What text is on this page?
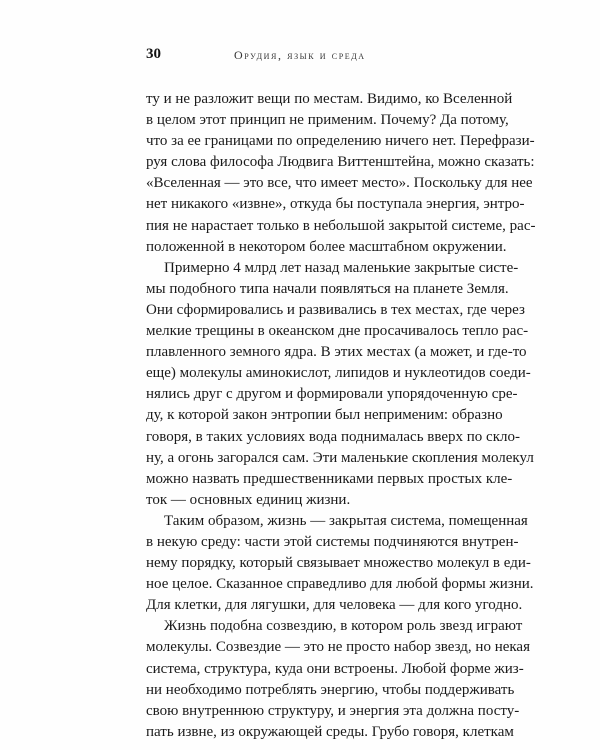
30	Орудия, язык и среда
ту и не разложит вещи по местам. Видимо, ко Вселенной
в целом этот принцип не применим. Почему? Да потому,
что за ее границами по определению ничего нет. Перефрази-
руя слова философа Людвига Виттенштейна, можно сказать:
«Вселенная — это все, что имеет место». Поскольку для нее
нет никакого «извне», откуда бы поступала энергия, энтро-
пия не нарастает только в небольшой закрытой системе, рас-
положенной в некотором более масштабном окружении.
Примерно 4 млрд лет назад маленькие закрытые систе-
мы подобного типа начали появляться на планете Земля.
Они сформировались и развивались в тех местах, где через
мелкие трещины в океанском дне просачивалось тепло рас-
плавленного земного ядра. В этих местах (а может, и где-то
еще) молекулы аминокислот, липидов и нуклеотидов соеди-
нялись друг с другом и формировали упорядоченную сре-
ду, к которой закон энтропии был неприменим: образно
говоря, в таких условиях вода поднималась вверх по скло-
ну, а огонь загорался сам. Эти маленькие скопления молекул
можно назвать предшественниками первых простых кле-
ток — основных единиц жизни.
Таким образом, жизнь — закрытая система, помещенная
в некую среду: части этой системы подчиняются внутрен-
нему порядку, который связывает множество молекул в еди-
ное целое. Сказанное справедливо для любой формы жизни.
Для клетки, для лягушки, для человека — для кого угодно.
Жизнь подобна созвездию, в котором роль звезд играют
молекулы. Созвездие — это не просто набор звезд, но некая
система, структура, куда они встроены. Любой форме жиз-
ни необходимо потреблять энергию, чтобы поддерживать
свою внутреннюю структуру, и энергия эта должна посту-
пать извне, из окружающей среды. Грубо говоря, клеткам
